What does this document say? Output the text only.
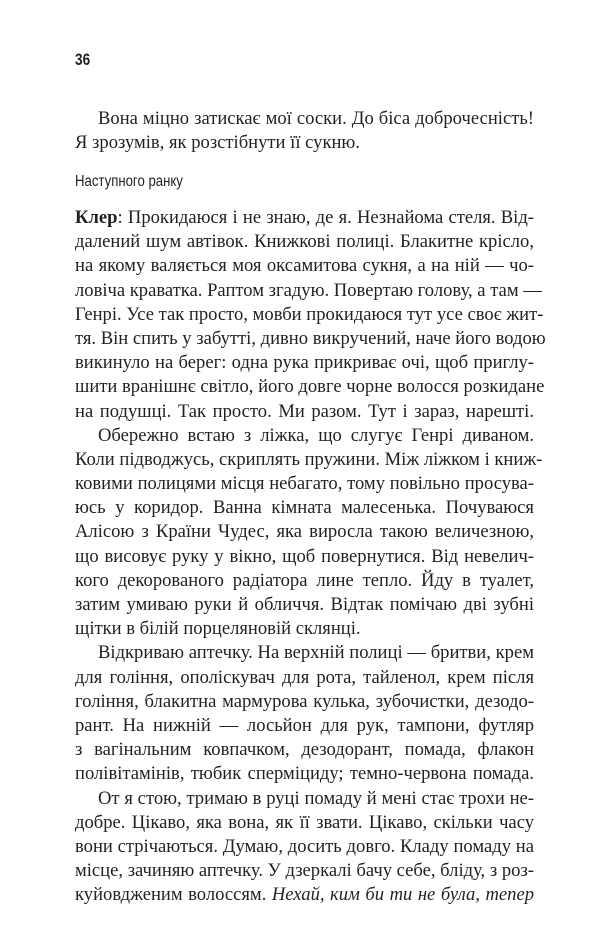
36
Вона міцно затискає мої соски. До біса доброчесність!
Я зрозумів, як розстібнути її сукню.
Наступного ранку
Клер: Прокидаюся і не знаю, де я. Незнайома стеля. Від-
далений шум автівок. Книжкові полиці. Блакитне крісло,
на якому валяється моя оксамитова сукня, а на ній — чо-
ловіча краватка. Раптом згадую. Повертаю голову, а там —
Генрі. Усе так просто, мовби прокидаюся тут усе своє жит-
тя. Він спить у забутті, дивно викручений, наче його водою
викинуло на берег: одна рука прикриває очі, щоб приглу-
шити вранішнє світло, його довге чорне волосся розкидане
на подушці. Так просто. Ми разом. Тут і зараз, нарешті.
Обережно встаю з ліжка, що слугує Генрі диваном.
Коли підводжусь, скриплять пружини. Між ліжком і книж-
ковими полицями місця небагато, тому повільно просува-
юсь у коридор. Ванна кімната малесенька. Почуваюся
Алісою з Країни Чудес, яка виросла такою величезною,
що висовує руку у вікно, щоб повернутися. Від невелич-
кого декорованого радіатора лине тепло. Йду в туалет,
затим умиваю руки й обличчя. Відтак помічаю дві зубні
щітки в білій порцеляновій склянці.
Відкриваю аптечку. На верхній полиці — бритви, крем
для гоління, ополіскувач для рота, тайленол, крем після
гоління, блакитна мармурова кулька, зубочистки, дезодо-
рант. На нижній — лосьйон для рук, тампони, футляр
з вагінальним ковпачком, дезодорант, помада, флакон
полівітамінів, тюбик сперміциду; темно-червона помада.
От я стою, тримаю в руці помаду й мені стає трохи не-
добре. Цікаво, яка вона, як її звати. Цікаво, скільки часу
вони стрічаються. Думаю, досить довго. Кладу помаду на
місце, зачиняю аптечку. У дзеркалі бачу себе, бліду, з роз-
куйовдженим волоссям. Нехай, ким би ти не була, тепер
